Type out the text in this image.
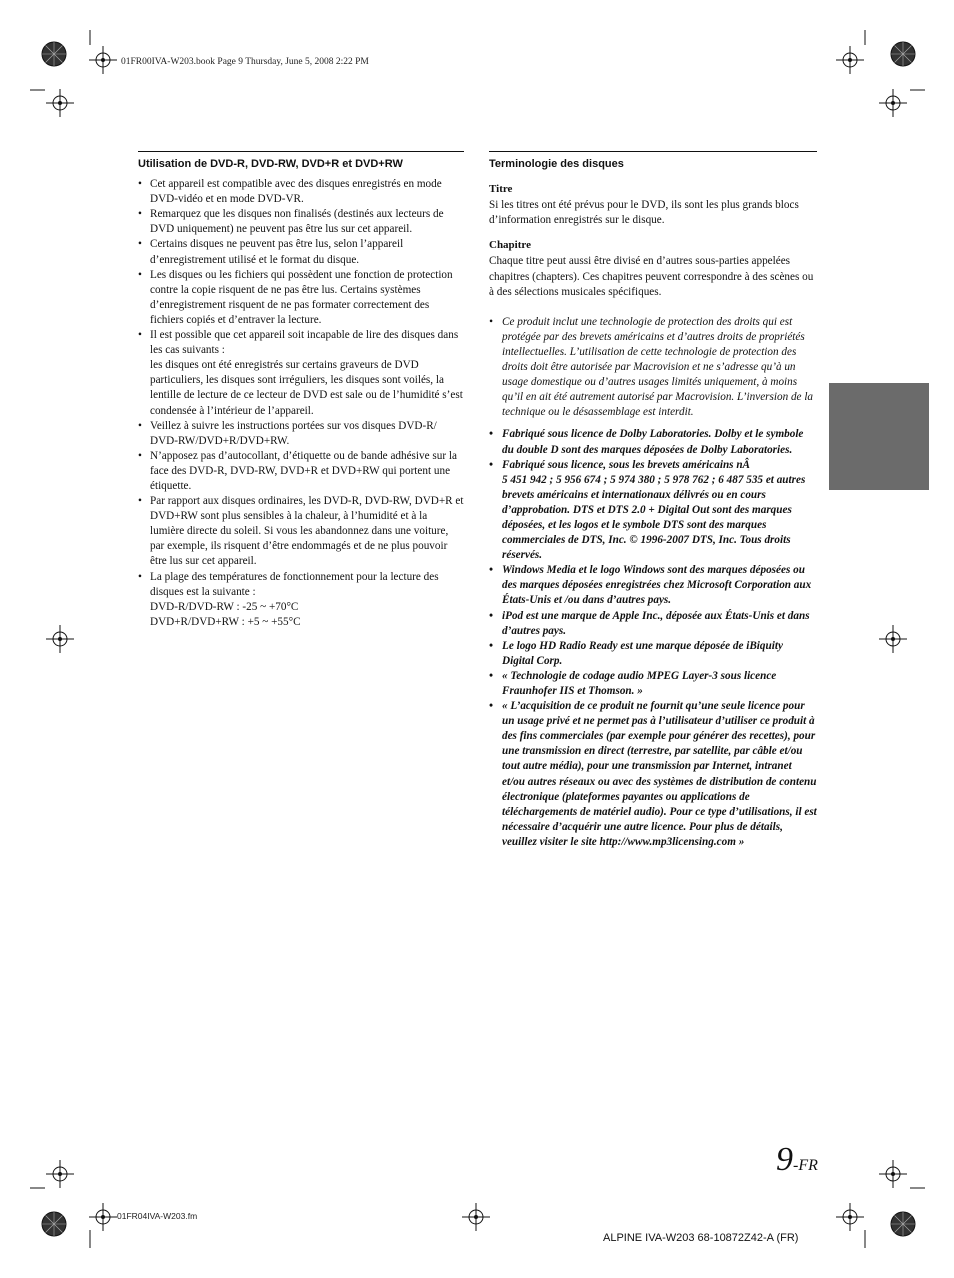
01FR00IVA-W203.book Page 9 Thursday, June 5, 2008 2:22 PM
Utilisation de DVD-R, DVD-RW, DVD+R et DVD+RW
• Cet appareil est compatible avec des disques enregistrés en mode DVD-vidéo et en mode DVD-VR.
• Remarquez que les disques non finalisés (destinés aux lecteurs de DVD uniquement) ne peuvent pas être lus sur cet appareil.
• Certains disques ne peuvent pas être lus, selon l’appareil d’enregistrement utilisé et le format du disque.
• Les disques ou les fichiers qui possèdent une fonction de protection contre la copie risquent de ne pas être lus. Certains systèmes d’enregistrement risquent de ne pas formater correctement des fichiers copiés et d’entraver la lecture.
• Il est possible que cet appareil soit incapable de lire des disques dans les cas suivants :
les disques ont été enregistrés sur certains graveurs de DVD particuliers, les disques sont irréguliers, les disques sont voilés, la lentille de lecture de ce lecteur de DVD est sale ou de l’humidité s’est condensée à l’intérieur de l’appareil.
• Veillez à suivre les instructions portées sur vos disques DVD-R/ DVD-RW/DVD+R/DVD+RW.
• N’apposez pas d’autocollant, d’étiquette ou de bande adhésive sur la face des DVD-R, DVD-RW, DVD+R et DVD+RW qui portent une étiquette.
• Par rapport aux disques ordinaires, les DVD-R, DVD-RW, DVD+R et DVD+RW sont plus sensibles à la chaleur, à l’humidité et à la lumière directe du soleil. Si vous les abandonnez dans une voiture, par exemple, ils risquent d’être endommagés et de ne plus pouvoir être lus sur cet appareil.
• La plage des températures de fonctionnement pour la lecture des disques est la suivante :
DVD-R/DVD-RW : -25 ~ +70°C
DVD+R/DVD+RW : +5 ~ +55°C
Terminologie des disques
Titre

Si les titres ont été prévus pour le DVD, ils sont les plus grands blocs d’information enregistrés sur le disque.

Chapitre

Chaque titre peut aussi être divisé en d’autres sous-parties appelées chapitres (chapters). Ces chapitres peuvent correspondre à des scènes ou à des sélections musicales spécifiques.

• Ce produit inclut une technologie de protection des droits qui est protégée par des brevets américains et d’autres droits de propriétés intellectuelles. L’utilisation de cette technologie de protection des droits doit être autorisée par Macrovision et ne s’adresse qu’à un usage domestique ou d’autres usages limités uniquement, à moins qu’il en ait été autrement autorisé par Macrovision. L’inversion de la technique ou le désassemblage est interdit.
• Fabriqué sous licence de Dolby Laboratories. Dolby et le symbole du double D sont des marques déposées de Dolby Laboratories.
• Fabriqué sous licence, sous les brevets américains nÂ
5 451 942 ; 5 956 674 ; 5 974 380 ; 5 978 762 ; 6 487 535 et autres brevets américains et internationaux délivrés ou en cours d’approbation. DTS et DTS 2.0 + Digital Out sont des marques déposées, et les logos et le symbole DTS sont des marques commerciales de DTS, Inc. © 1996-2007 DTS, Inc. Tous droits réservés.
• Windows Media et le logo Windows sont des marques déposées ou des marques déposées enregistrées chez Microsoft Corporation aux États-Unis et /ou dans d’autres pays.
• iPod est une marque de Apple Inc., déposée aux États-Unis et dans d’autres pays.
• Le logo HD Radio Ready est une marque déposée de iBiquity Digital Corp.
• « Technologie de codage audio MPEG Layer-3 sous licence Fraunhofer IIS et Thomson. »
• « L’acquisition de ce produit ne fournit qu’une seule licence pour un usage privé et ne permet pas à l’utilisateur d’utiliser ce produit à des fins commerciales (par exemple pour générer des recettes), pour une transmission en direct (terrestre, par satellite, par câble et/ou tout autre média), pour une transmission par Internet, intranet et/ou autres réseaux ou avec des systèmes de distribution de contenu électronique (plateformes payantes ou applications de téléchargements de matériel audio). Pour ce type d’utilisations, il est nécessaire d’acquérir une autre licence. Pour plus de détails, veuillez visiter le site http://www.mp3licensing.com »
9-FR
01FR04IVA-W203.fm
ALPINE IVA-W203 68-10872Z42-A (FR)
